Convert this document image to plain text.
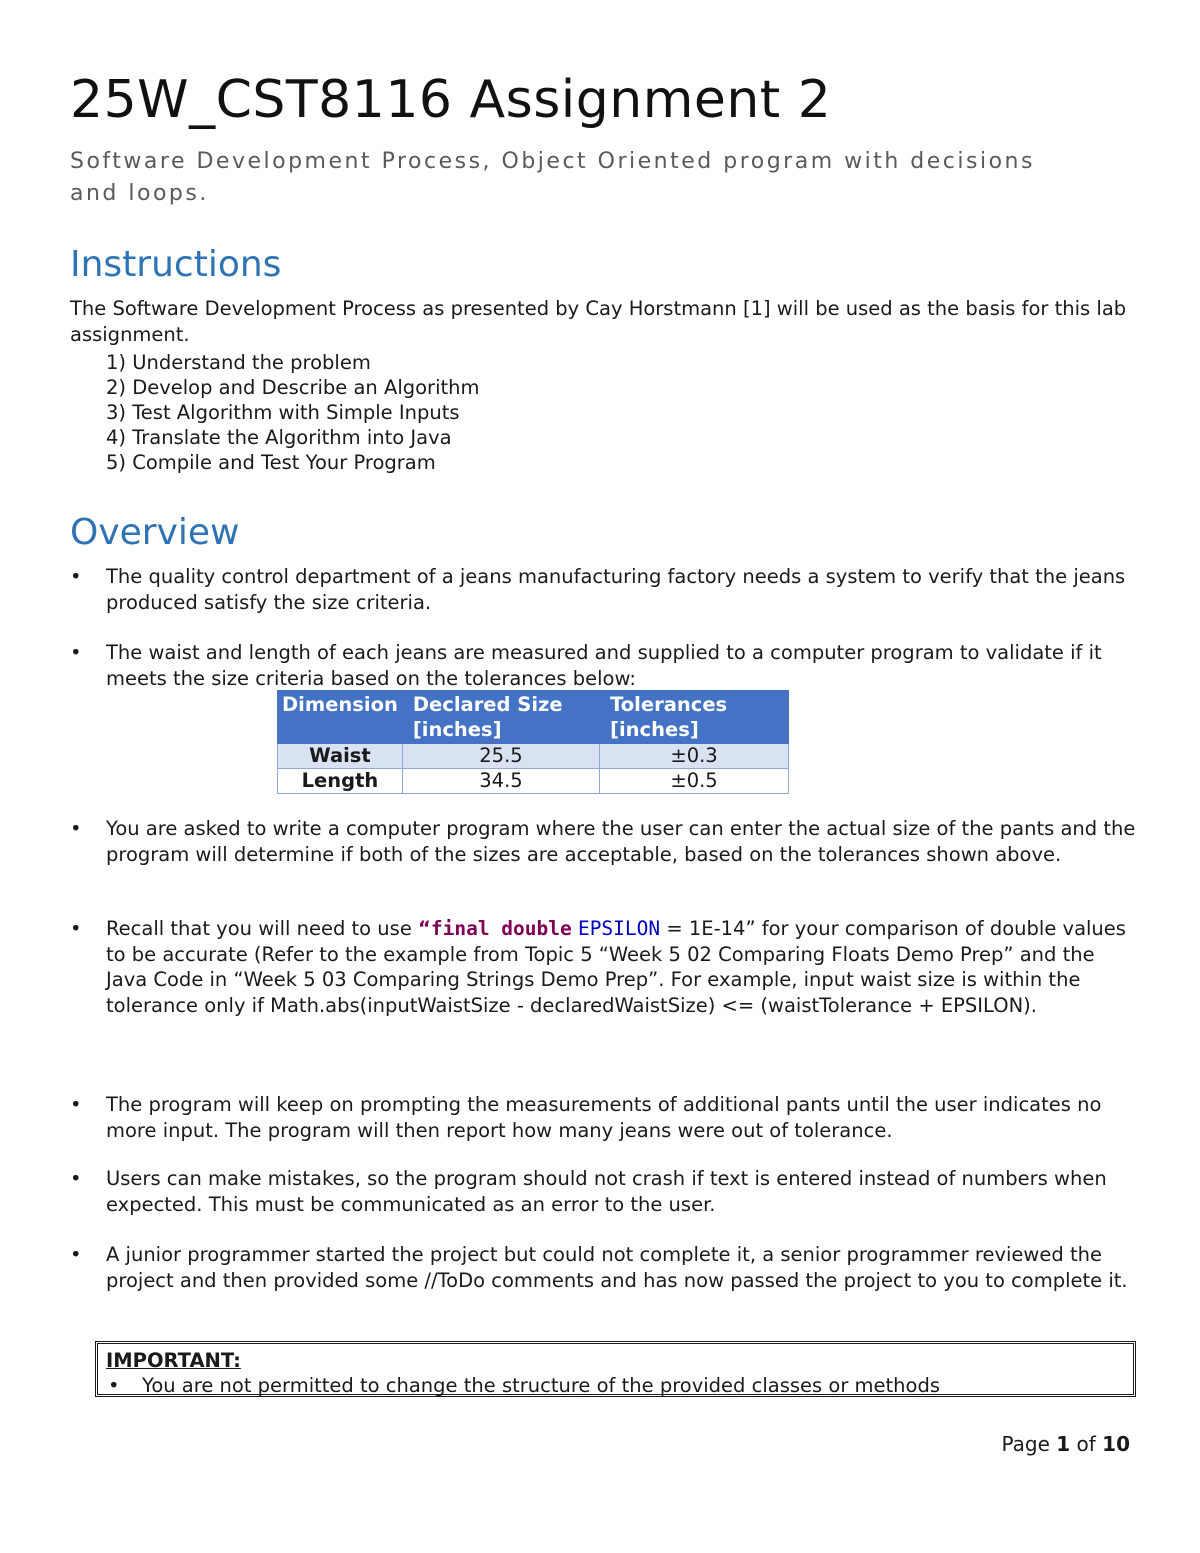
25W_CST8116 Assignment 2
Software Development Process, Object Oriented program with decisions and loops.
Instructions
The Software Development Process as presented by Cay Horstmann [1] will be used as the basis for this lab assignment.
1) Understand the problem
2) Develop and Describe an Algorithm
3) Test Algorithm with Simple Inputs
4) Translate the Algorithm into Java
5) Compile and Test Your Program
Overview
•	The quality control department of a jeans manufacturing factory needs a system to verify that the jeans produced satisfy the size criteria.
•	The waist and length of each jeans are measured and supplied to a computer program to validate if it meets the size criteria based on the tolerances below:
Dimension	Declared Size [inches]	Tolerances [inches]
Waist	25.5	±0.3
Length	34.5	±0.5
•	You are asked to write a computer program where the user can enter the actual size of the pants and the program will determine if both of the sizes are acceptable, based on the tolerances shown above.
•	Recall that you will need to use “final double EPSILON = 1E-14” for your comparison of double values to be accurate (Refer to the example from Topic 5 “Week 5 02 Comparing Floats Demo Prep” and the Java Code in “Week 5 03 Comparing Strings Demo Prep”. For example, input waist size is within the tolerance only if Math.abs(inputWaistSize - declaredWaistSize) <= (waistTolerance + EPSILON).
•	The program will keep on prompting the measurements of additional pants until the user indicates no more input. The program will then report how many jeans were out of tolerance.
•	Users can make mistakes, so the program should not crash if text is entered instead of numbers when expected. This must be communicated as an error to the user.
•	A junior programmer started the project but could not complete it, a senior programmer reviewed the project and then provided some //ToDo comments and has now passed the project to you to complete it.
IMPORTANT:
• You are not permitted to change the structure of the provided classes or methods
Page 1 of 10
